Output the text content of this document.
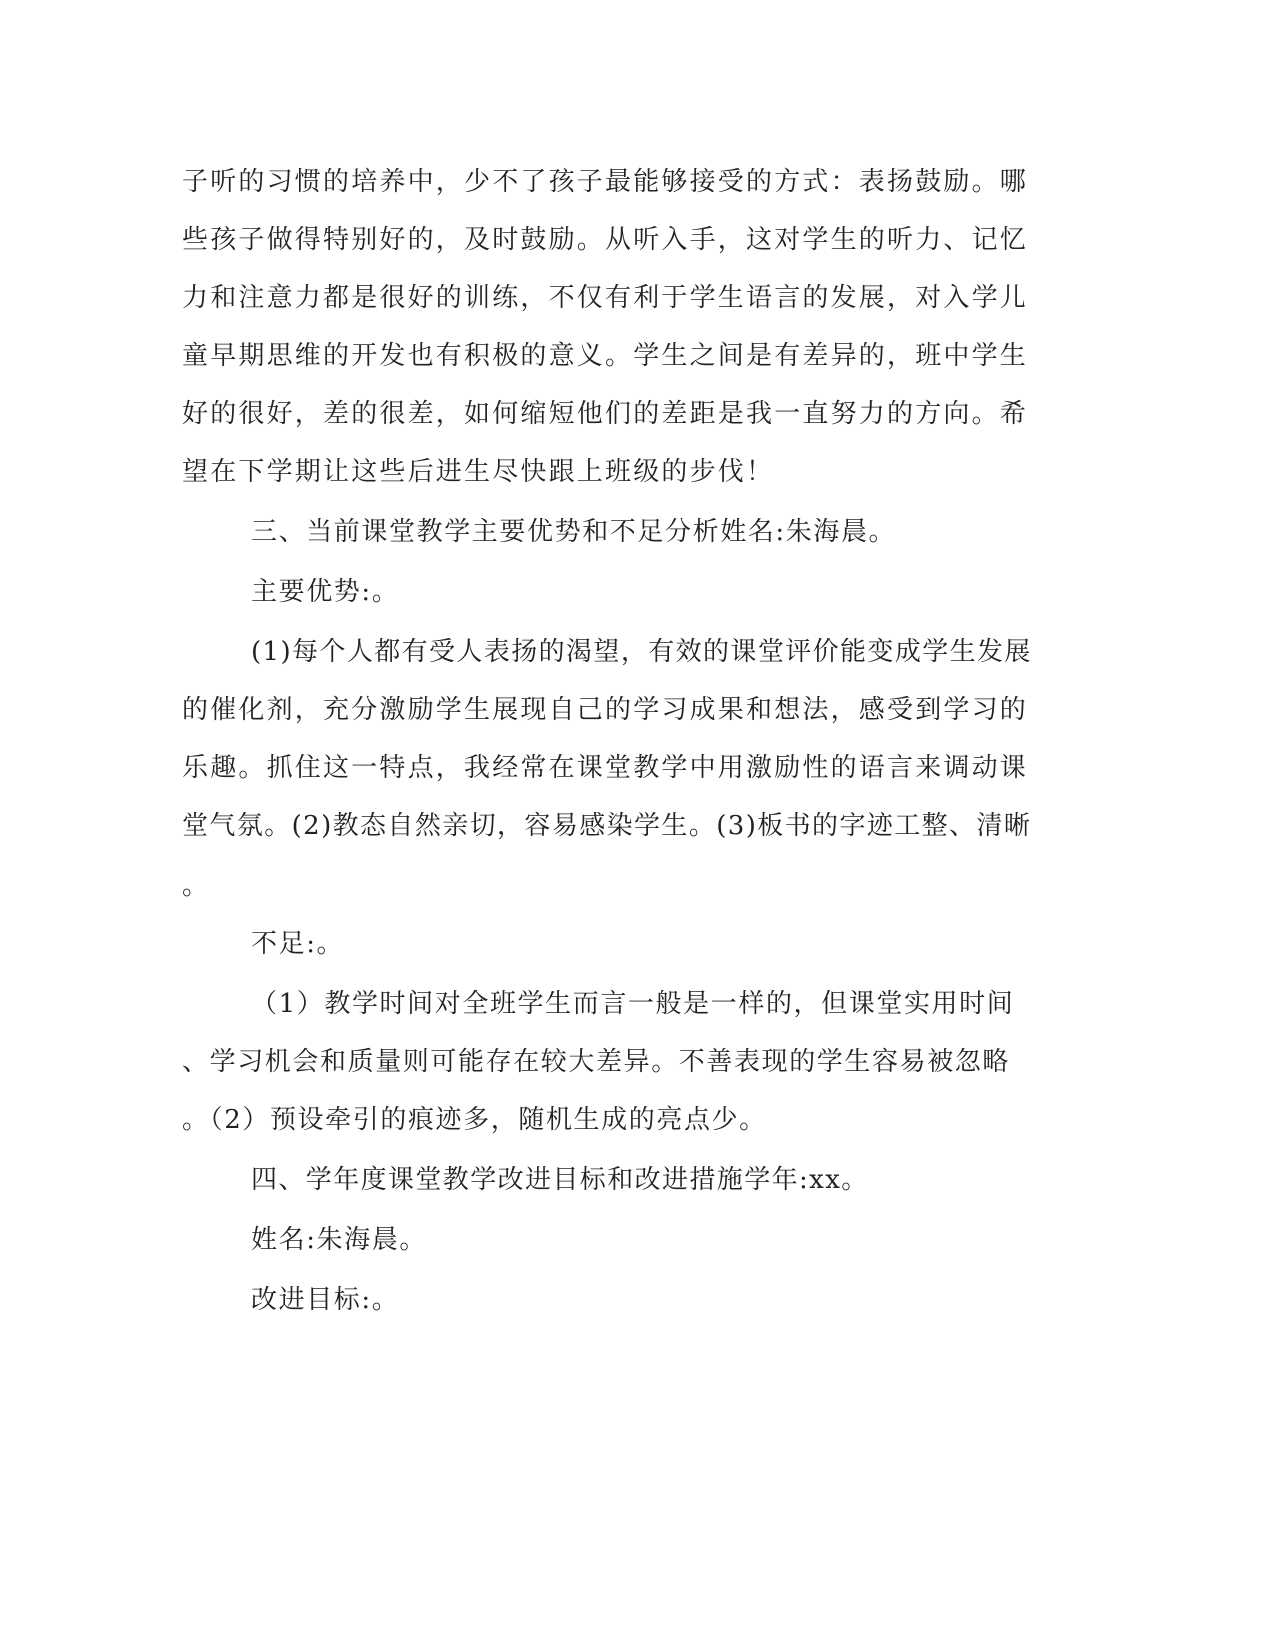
子听的习惯的培养中，少不了孩子最能够接受的方式：表扬鼓励。哪
些孩子做得特别好的，及时鼓励。从听入手，这对学生的听力、记忆
力和注意力都是很好的训练，不仅有利于学生语言的发展，对入学儿
童早期思维的开发也有积极的意义。学生之间是有差异的，班中学生
好的很好，差的很差，如何缩短他们的差距是我一直努力的方向。希
望在下学期让这些后进生尽快跟上班级的步伐！
三、当前课堂教学主要优势和不足分析姓名:朱海晨。
主要优势:。
(1)每个人都有受人表扬的渴望，有效的课堂评价能变成学生发展
的催化剂，充分激励学生展现自己的学习成果和想法，感受到学习的
乐趣。抓住这一特点，我经常在课堂教学中用激励性的语言来调动课
堂气氛。(2)教态自然亲切，容易感染学生。(3)板书的字迹工整、清晰
。
不足:。
（1）教学时间对全班学生而言一般是一样的，但课堂实用时间
、学习机会和质量则可能存在较大差异。不善表现的学生容易被忽略
。（2）预设牵引的痕迹多，随机生成的亮点少。
四、学年度课堂教学改进目标和改进措施学年:xx。
姓名:朱海晨。
改进目标:。
